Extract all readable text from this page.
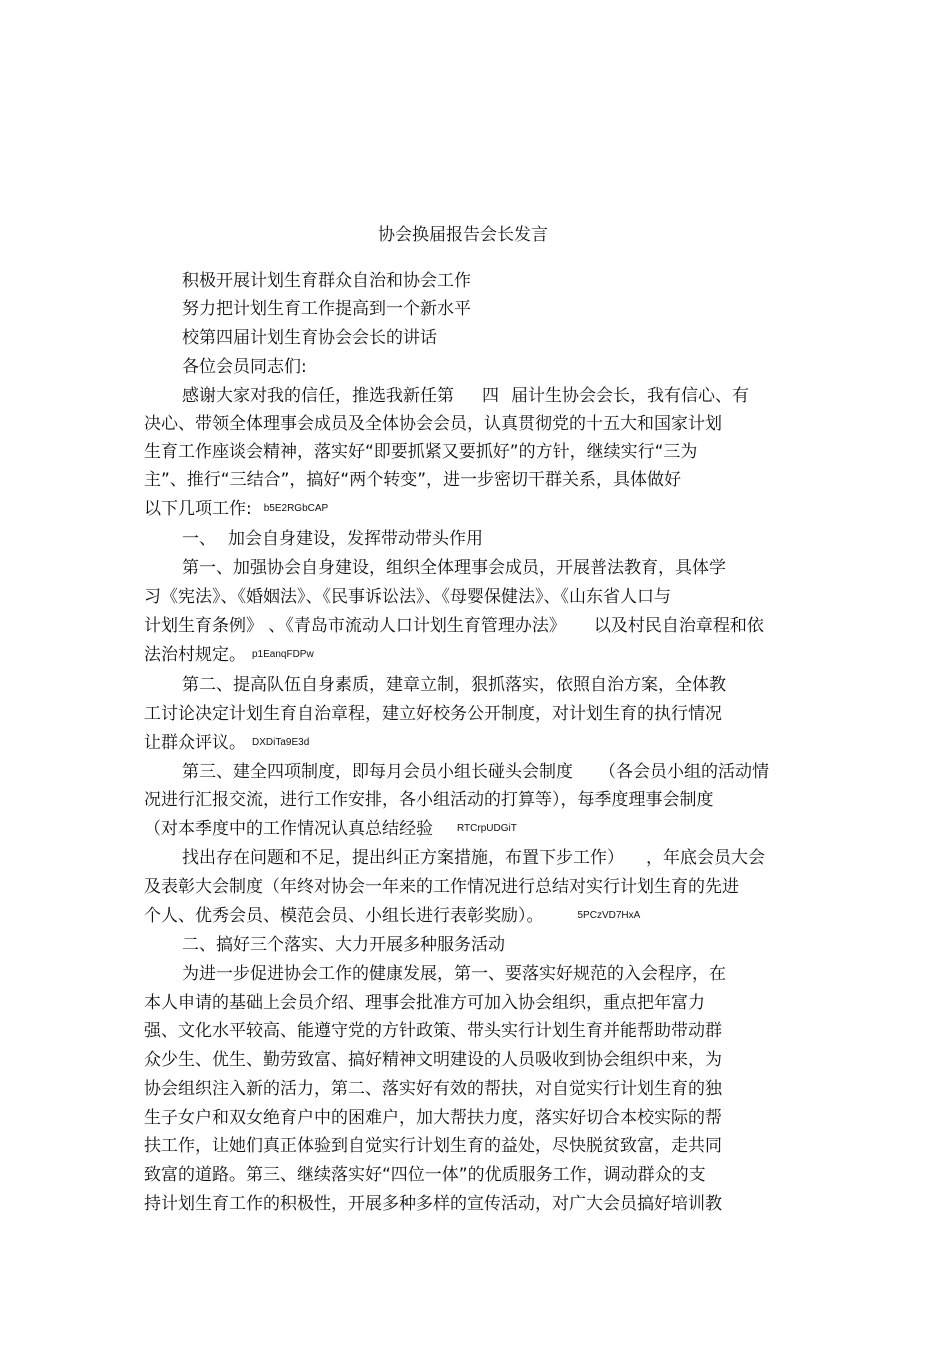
协会换届报告会长发言
积极开展计划生育群众自治和协会工作
努力把计划生育工作提高到一个新水平
校第四届计划生育协会会长的讲话
各位会员同志们:
感谢大家对我的信任，推选我新任第 四 届计生协会会长，我有信心、有
决心、带领全体理事会成员及全体协会会员，认真贯彻党的十五大和国家计划
生育工作座谈会精神，落实好“即要抓紧又要抓好”的方针，继续实行“三为
主”、推行“三结合”，搞好“两个转变”，进一步密切干群关系，具体做好
以下几项工作: b5E2RGbCAP
一、 加会自身建设，发挥带动带头作用
第一、加强协会自身建设，组织全体理事会成员，开展普法教育，具体学
习《宪法》、《婚姻法》、《民事诉讼法》、《母婴保健法》、《山东省人口与
计划生育条例》 、《青岛市流动人口计划生育管理办法》 以及村民自治章程和依
法治村规定。 p1EanqFDPw
第二、提高队伍自身素质，建章立制，狠抓落实，依照自治方案，全体教
工讨论决定计划生育自治章程，建立好校务公开制度，对计划生育的执行情况
让群众评议。 DXDiTa9E3d
第三、建全四项制度，即每月会员小组长碰头会制度 （各会员小组的活动情
况进行汇报交流，进行工作安排，各小组活动的打算等），每季度理事会制度
（对本季度中的工作情况认真总结经验 RTCrpUDGiT
找出存在问题和不足，提出纠正方案措施，布置下步工作） ，年底会员大会
及表彰大会制度（年终对协会一年来的工作情况进行总结对实行计划生育的先进
个人、优秀会员、模范会员、小组长进行表彰奖励）。	5PCzVD7HxA
二、搞好三个落实、大力开展多种服务活动
为进一步促进协会工作的健康发展，第一、要落实好规范的入会程序，在
本人申请的基础上会员介绍、理事会批准方可加入协会组织，重点把年富力
强、文化水平较高、能遵守党的方针政策、带头实行计划生育并能帮助带动群
众少生、优生、勤劳致富、搞好精神文明建设的人员吸收到协会组织中来，为
协会组织注入新的活力，第二、落实好有效的帮扶，对自觉实行计划生育的独
生子女户和双女绝育户中的困难户，加大帮扶力度，落实好切合本校实际的帮
扶工作，让她们真正体验到自觉实行计划生育的益处，尽快脱贫致富，走共同
致富的道路。第三、继续落实好“四位一体”的优质服务工作，调动群众的支
持计划生育工作的积极性，开展多种多样的宣传活动，对广大会员搞好培训教
